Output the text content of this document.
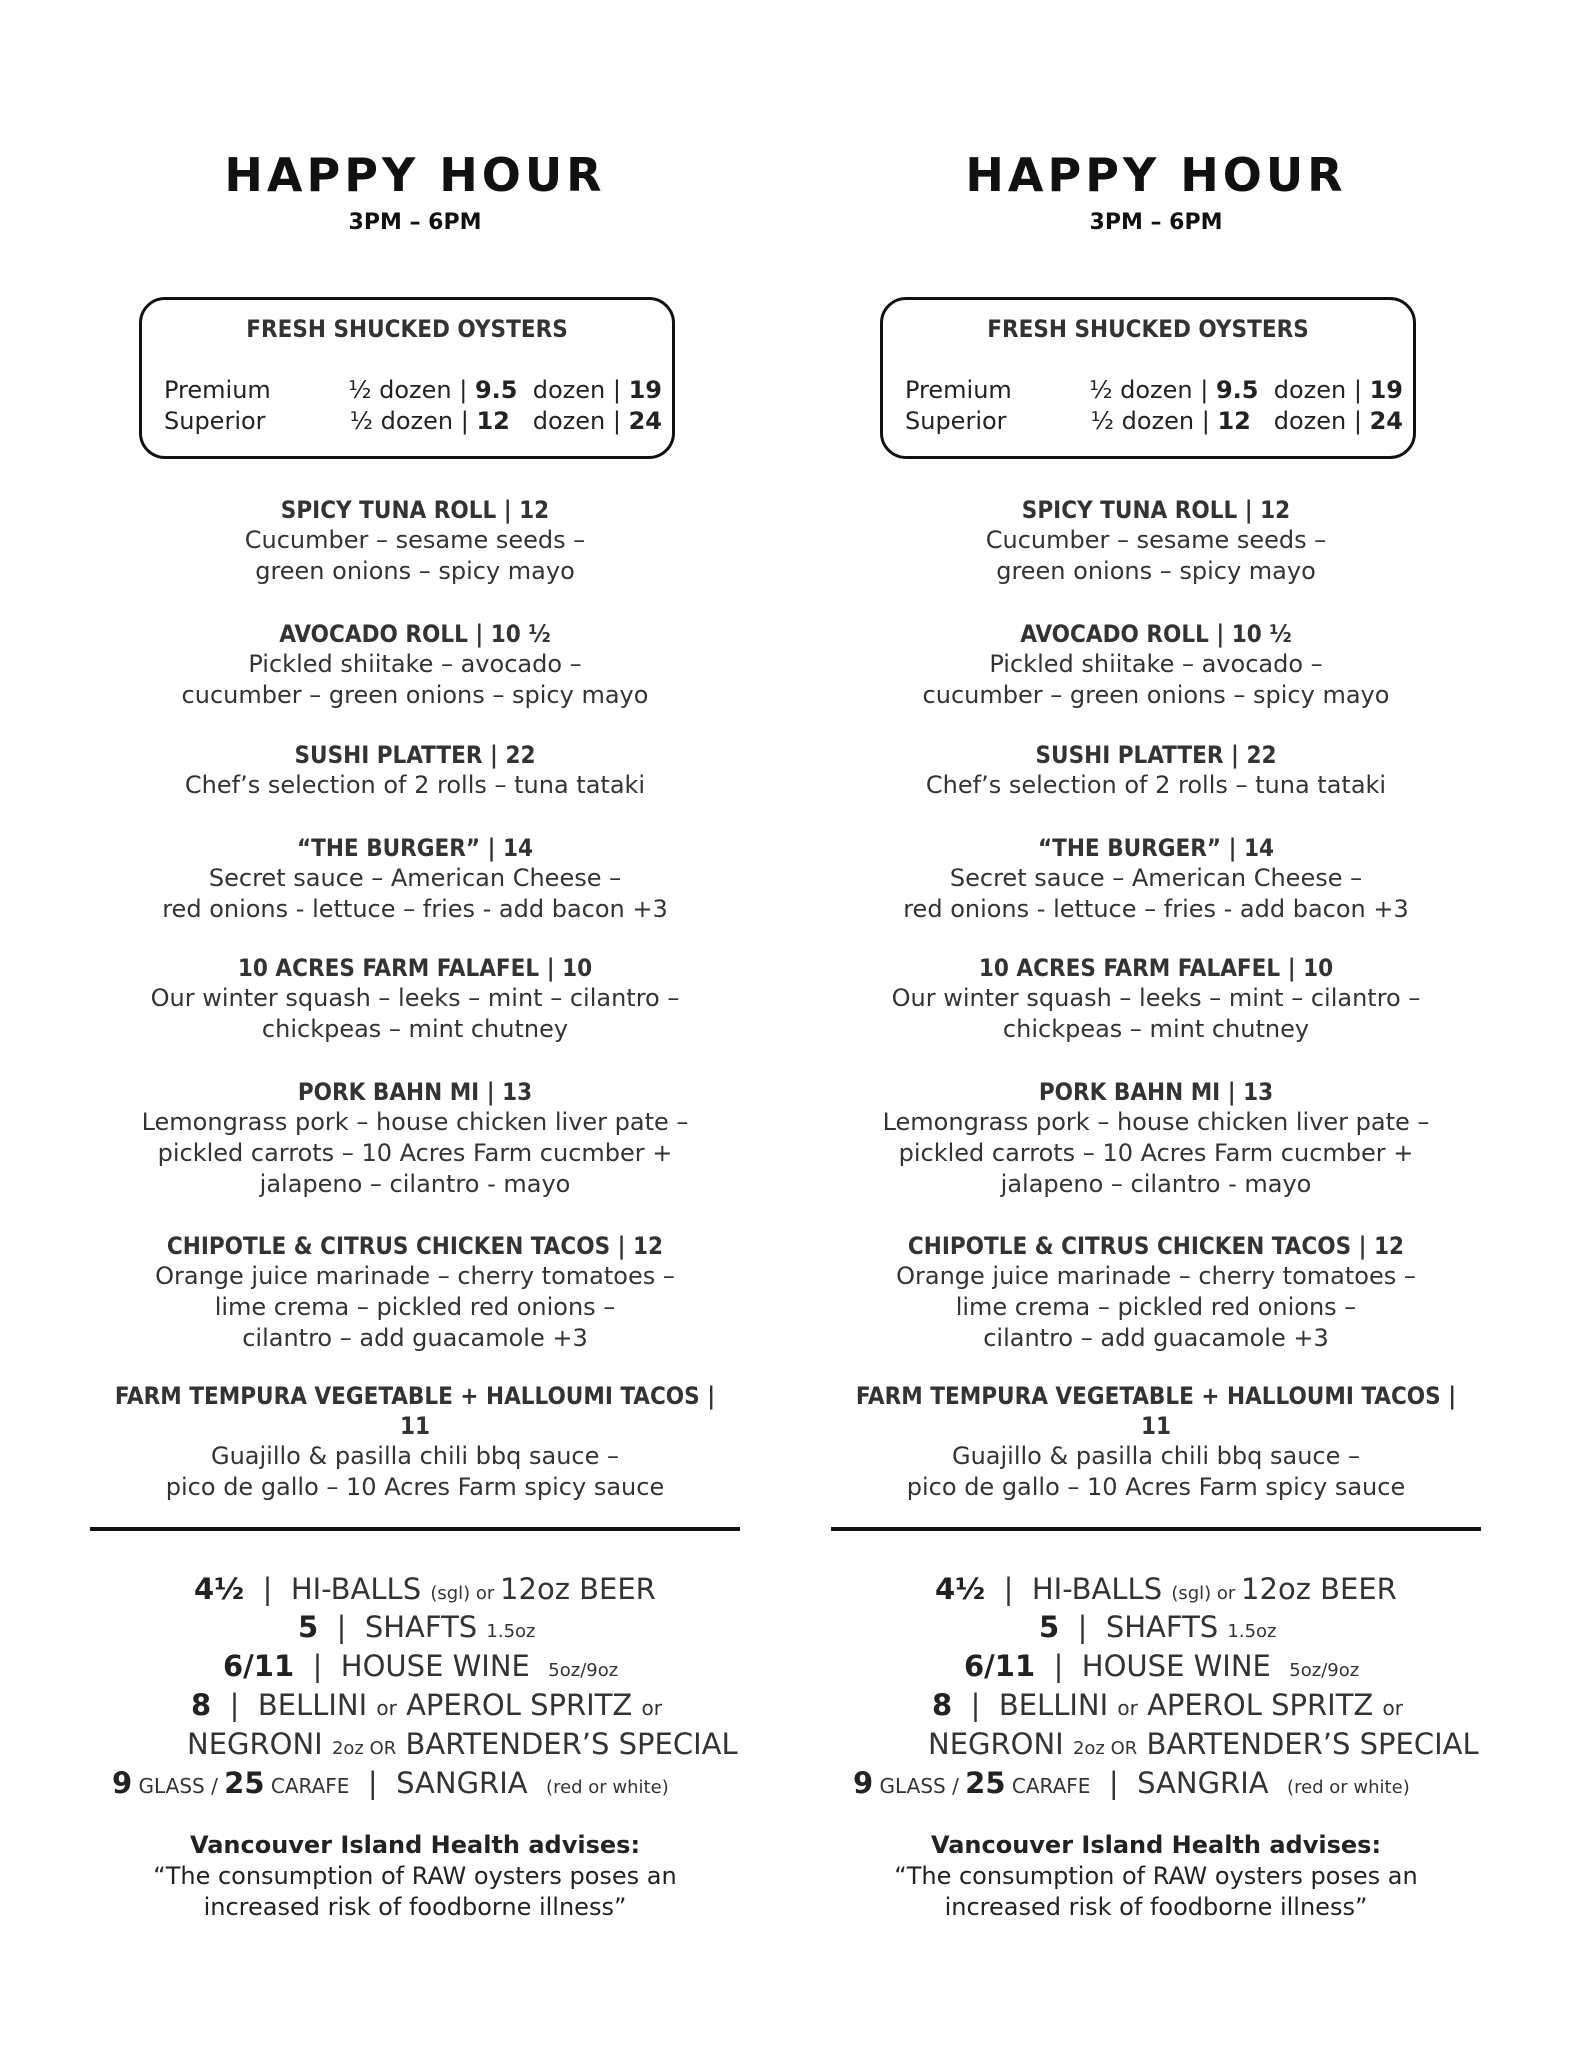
HAPPY HOUR
3PM – 6PM
FRESH SHUCKED OYSTERS
Premium	½ dozen | 9.5 dozen | 19
Superior	½ dozen | 12 dozen | 24
SPICY TUNA ROLL | 12
Cucumber – sesame seeds –
green onions – spicy mayo
AVOCADO ROLL | 10 ½
Pickled shiitake – avocado –
cucumber – green onions – spicy mayo
SUSHI PLATTER | 22
Chef’s selection of 2 rolls – tuna tataki
“THE BURGER” | 14
Secret sauce – American Cheese –
red onions - lettuce – fries - add bacon +3
10 ACRES FARM FALAFEL | 10
Our winter squash – leeks – mint – cilantro –
chickpeas – mint chutney
PORK BAHN MI | 13
Lemongrass pork – house chicken liver pate –
pickled carrots – 10 Acres Farm cucmber +
jalapeno – cilantro - mayo
CHIPOTLE & CITRUS CHICKEN TACOS | 12
Orange juice marinade – cherry tomatoes –
lime crema – pickled red onions –
cilantro – add guacamole +3
FARM TEMPURA VEGETABLE + HALLOUMI TACOS |
11
Guajillo & pasilla chili bbq sauce –
pico de gallo – 10 Acres Farm spicy sauce
4½  |  HI-BALLS (sgl) or 12oz BEER
5  |  SHAFTS 1.5oz
6/11  |  HOUSE WINE  5oz/9oz
8  |  BELLINI or APEROL SPRITZ or
NEGRONI 2oz OR BARTENDER’S SPECIAL
9 GLASS / 25 CARAFE  |  SANGRIA  (red or white)
Vancouver Island Health advises:
“The consumption of RAW oysters poses an
increased risk of foodborne illness”
HAPPY HOUR
3PM – 6PM
FRESH SHUCKED OYSTERS
Premium	½ dozen | 9.5 dozen | 19
Superior	½ dozen | 12 dozen | 24
SPICY TUNA ROLL | 12
Cucumber – sesame seeds –
green onions – spicy mayo
AVOCADO ROLL | 10 ½
Pickled shiitake – avocado –
cucumber – green onions – spicy mayo
SUSHI PLATTER | 22
Chef’s selection of 2 rolls – tuna tataki
“THE BURGER” | 14
Secret sauce – American Cheese –
red onions - lettuce – fries - add bacon +3
10 ACRES FARM FALAFEL | 10
Our winter squash – leeks – mint – cilantro –
chickpeas – mint chutney
PORK BAHN MI | 13
Lemongrass pork – house chicken liver pate –
pickled carrots – 10 Acres Farm cucmber +
jalapeno – cilantro - mayo
CHIPOTLE & CITRUS CHICKEN TACOS | 12
Orange juice marinade – cherry tomatoes –
lime crema – pickled red onions –
cilantro – add guacamole +3
FARM TEMPURA VEGETABLE + HALLOUMI TACOS |
11
Guajillo & pasilla chili bbq sauce –
pico de gallo – 10 Acres Farm spicy sauce
4½  |  HI-BALLS (sgl) or 12oz BEER
5  |  SHAFTS 1.5oz
6/11  |  HOUSE WINE  5oz/9oz
8  |  BELLINI or APEROL SPRITZ or
NEGRONI 2oz OR BARTENDER’S SPECIAL
9 GLASS / 25 CARAFE  |  SANGRIA  (red or white)
Vancouver Island Health advises:
“The consumption of RAW oysters poses an
increased risk of foodborne illness”
